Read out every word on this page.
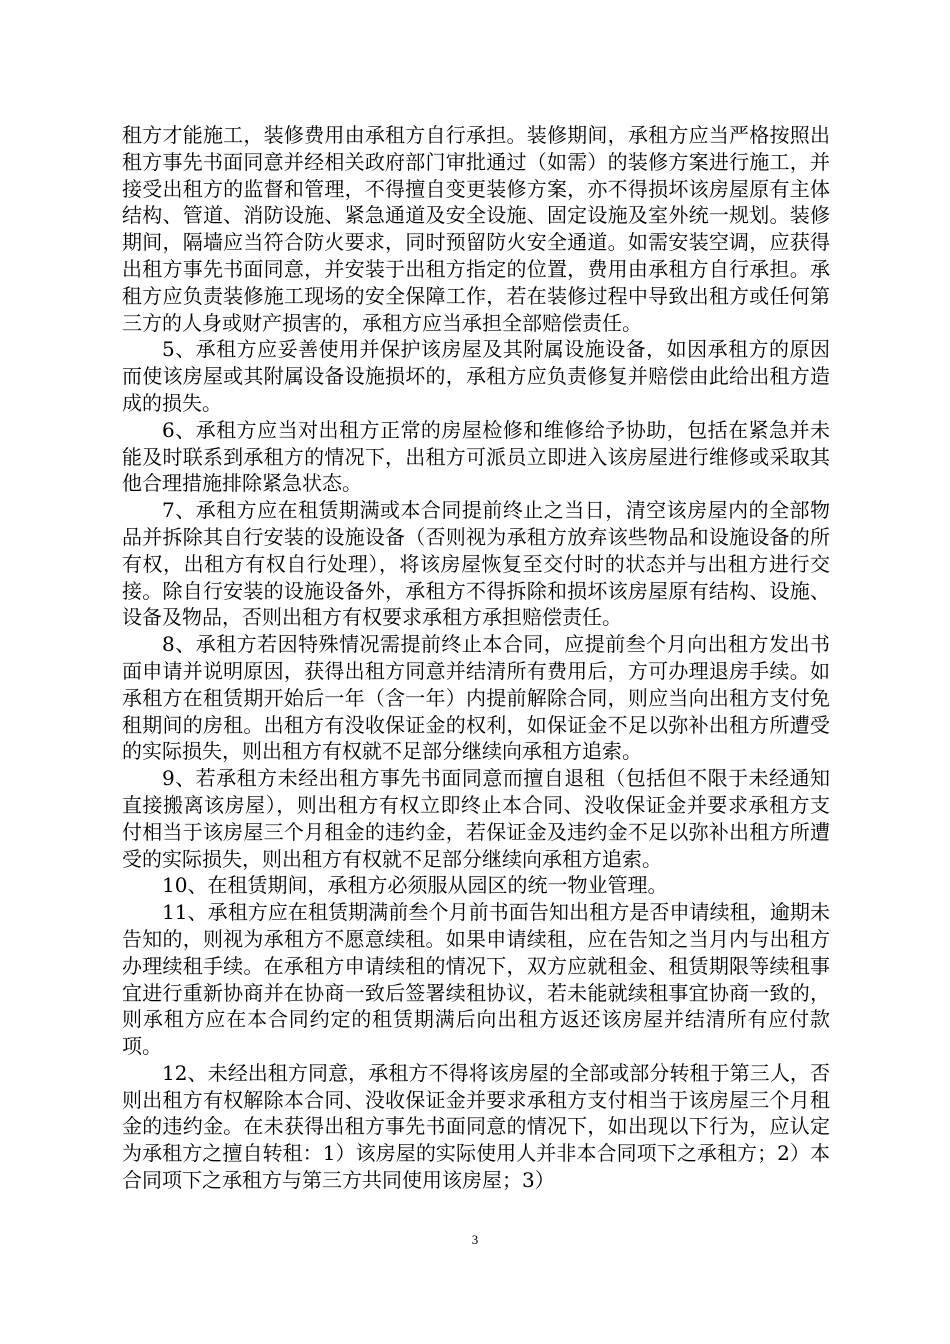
租方才能施工，装修费用由承租方自行承担。装修期间，承租方应当严格按照出租方事先书面同意并经相关政府部门审批通过（如需）的装修方案进行施工，并接受出租方的监督和管理，不得擅自变更装修方案，亦不得损坏该房屋原有主体结构、管道、消防设施、紧急通道及安全设施、固定设施及室外统一规划。装修期间，隔墙应当符合防火要求，同时预留防火安全通道。如需安装空调，应获得出租方事先书面同意，并安装于出租方指定的位置，费用由承租方自行承担。承租方应负责装修施工现场的安全保障工作，若在装修过程中导致出租方或任何第三方的人身或财产损害的，承租方应当承担全部赔偿责任。

5、承租方应妥善使用并保护该房屋及其附属设施设备，如因承租方的原因而使该房屋或其附属设备设施损坏的，承租方应负责修复并赔偿由此给出租方造成的损失。

6、承租方应当对出租方正常的房屋检修和维修给予协助，包括在紧急并未能及时联系到承租方的情况下，出租方可派员立即进入该房屋进行维修或采取其他合理措施排除紧急状态。

7、承租方应在租赁期满或本合同提前终止之当日，清空该房屋内的全部物品并拆除其自行安装的设施设备（否则视为承租方放弃该些物品和设施设备的所有权，出租方有权自行处理），将该房屋恢复至交付时的状态并与出租方进行交接。除自行安装的设施设备外，承租方不得拆除和损坏该房屋原有结构、设施、设备及物品，否则出租方有权要求承租方承担赔偿责任。

8、承租方若因特殊情况需提前终止本合同，应提前叁个月向出租方发出书面申请并说明原因，获得出租方同意并结清所有费用后，方可办理退房手续。如承租方在租赁期开始后一年（含一年）内提前解除合同，则应当向出租方支付免租期间的房租。出租方有没收保证金的权利，如保证金不足以弥补出租方所遭受的实际损失，则出租方有权就不足部分继续向承租方追索。

9、若承租方未经出租方事先书面同意而擅自退租（包括但不限于未经通知直接搬离该房屋），则出租方有权立即终止本合同、没收保证金并要求承租方支付相当于该房屋三个月租金的违约金，若保证金及违约金不足以弥补出租方所遭受的实际损失，则出租方有权就不足部分继续向承租方追索。

10、在租赁期间，承租方必须服从园区的统一物业管理。

11、承租方应在租赁期满前叁个月前书面告知出租方是否申请续租，逾期未告知的，则视为承租方不愿意续租。如果申请续租，应在告知之当月内与出租方办理续租手续。在承租方申请续租的情况下，双方应就租金、租赁期限等续租事宜进行重新协商并在协商一致后签署续租协议，若未能就续租事宜协商一致的，则承租方应在本合同约定的租赁期满后向出租方返还该房屋并结清所有应付款项。

12、未经出租方同意，承租方不得将该房屋的全部或部分转租于第三人，否则出租方有权解除本合同、没收保证金并要求承租方支付相当于该房屋三个月租金的违约金。在未获得出租方事先书面同意的情况下，如出现以下行为，应认定为承租方之擅自转租：1）该房屋的实际使用人并非本合同项下之承租方；2）本合同项下之承租方与第三方共同使用该房屋；3）

3
